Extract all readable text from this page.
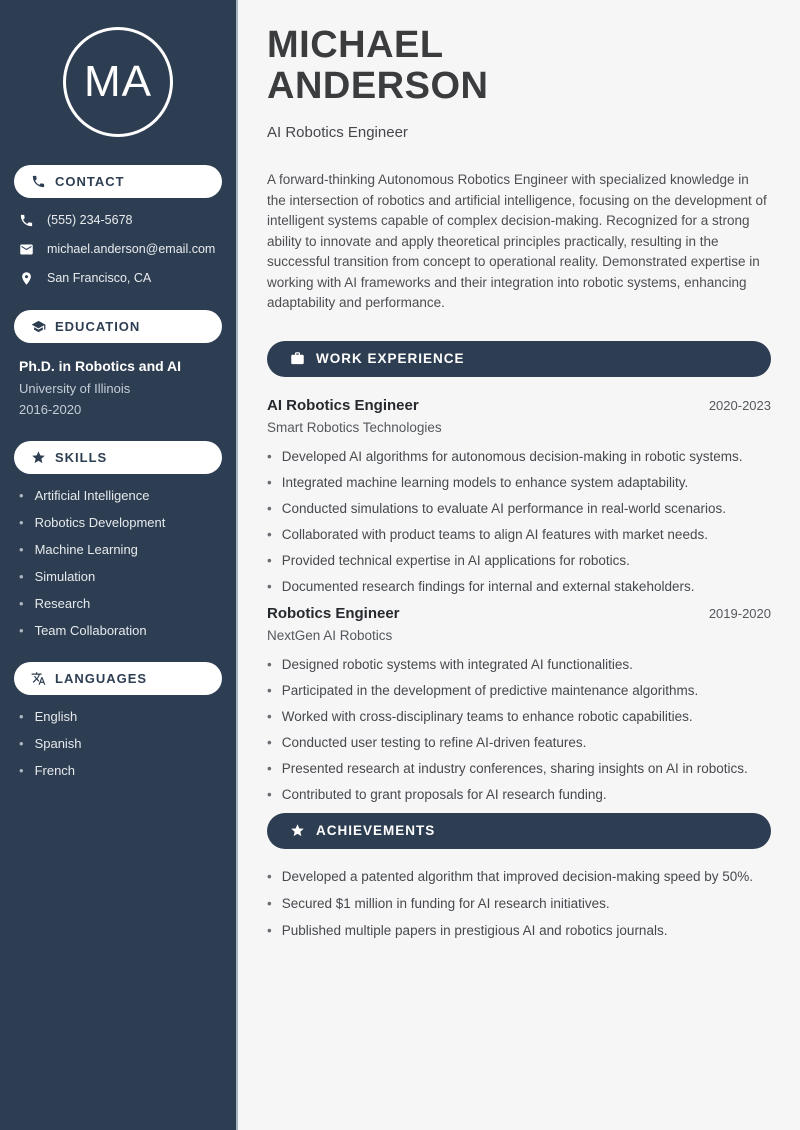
MA
CONTACT
(555) 234-5678
michael.anderson@email.com
San Francisco, CA
EDUCATION
Ph.D. in Robotics and AI
University of Illinois
2016-2020
SKILLS
• Artificial Intelligence
• Robotics Development
• Machine Learning
• Simulation
• Research
• Team Collaboration
LANGUAGES
• English
• Spanish
• French
MICHAEL ANDERSON
AI Robotics Engineer

A forward-thinking Autonomous Robotics Engineer with specialized knowledge in the intersection of robotics and artificial intelligence, focusing on the development of intelligent systems capable of complex decision-making. Recognized for a strong ability to innovate and apply theoretical principles practically, resulting in the successful transition from concept to operational reality. Demonstrated expertise in working with AI frameworks and their integration into robotic systems, enhancing adaptability and performance.

WORK EXPERIENCE
AI Robotics Engineer	2020-2023
Smart Robotics Technologies
• Developed AI algorithms for autonomous decision-making in robotic systems.
• Integrated machine learning models to enhance system adaptability.
• Conducted simulations to evaluate AI performance in real-world scenarios.
• Collaborated with product teams to align AI features with market needs.
• Provided technical expertise in AI applications for robotics.
• Documented research findings for internal and external stakeholders.
Robotics Engineer	2019-2020
NextGen AI Robotics
• Designed robotic systems with integrated AI functionalities.
• Participated in the development of predictive maintenance algorithms.
• Worked with cross-disciplinary teams to enhance robotic capabilities.
• Conducted user testing to refine AI-driven features.
• Presented research at industry conferences, sharing insights on AI in robotics.
• Contributed to grant proposals for AI research funding.
ACHIEVEMENTS
• Developed a patented algorithm that improved decision-making speed by 50%.
• Secured $1 million in funding for AI research initiatives.
• Published multiple papers in prestigious AI and robotics journals.
